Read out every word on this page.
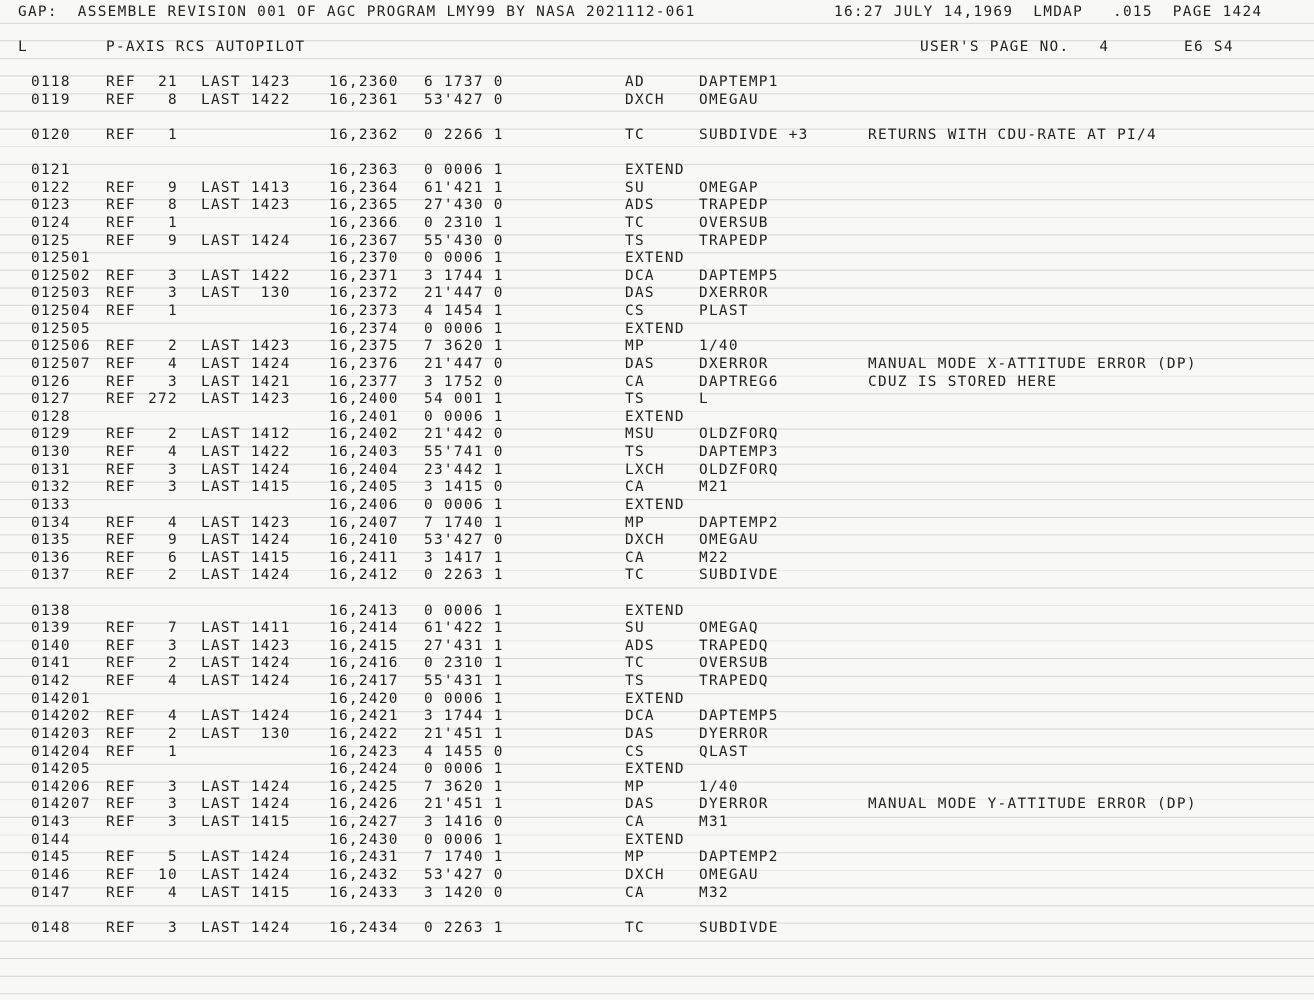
GAP:  ASSEMBLE REVISION 001 OF AGC PROGRAM LMY99 BY NASA 2021112-061	16:27 JULY 14,1969  LMDAP   .015  PAGE 1424
L	P-AXIS RCS AUTOPILOT	USER'S PAGE NO.   4	E6 S4
0118 REF 21 LAST 1423	16,2360 6 1737 0	AD	DAPTEMP1
0119 REF 8 LAST 1422	16,2361 53'427 0	DXCH OMEGAU
0120 REF 1	16,2362 0 2266 1	TC	SUBDIVDE +3	RETURNS WITH CDU-RATE AT PI/4
0121	16,2363 0 0006 1	EXTEND
0122 REF 9 LAST 1413	16,2364 61'421 1	SU	OMEGAP
0123 REF 8 LAST 1423	16,2365 27'430 0	ADS	TRAPEDP
0124 REF 1	16,2366 0 2310 1	TC	OVERSUB
0125 REF 9 LAST 1424	16,2367 55'430 0	TS	TRAPEDP
012501	16,2370 0 0006 1	EXTEND
012502 REF 3 LAST 1422	16,2371 3 1744 1	DCA	DAPTEMP5
012503 REF 3 LAST  130	16,2372 21'447 0	DAS	DXERROR
012504 REF 1	16,2373 4 1454 1	CS	PLAST
012505	16,2374 0 0006 1	EXTEND
012506 REF 2 LAST 1423	16,2375 7 3620 1	MP	1/40
012507 REF 4 LAST 1424	16,2376 21'447 0	DAS	DXERROR	MANUAL MODE X-ATTITUDE ERROR (DP)
0126 REF 3 LAST 1421	16,2377 3 1752 0	CA	DAPTREG6	CDUZ IS STORED HERE
0127 REF 272 LAST 1423	16,2400 54 001 1	TS	L
0128	16,2401 0 0006 1	EXTEND
0129 REF 2 LAST 1412	16,2402 21'442 0	MSU	OLDZFORQ
0130 REF 4 LAST 1422	16,2403 55'741 0	TS	DAPTEMP3
0131 REF 3 LAST 1424	16,2404 23'442 1	LXCH OLDZFORQ
0132 REF 3 LAST 1415	16,2405 3 1415 0	CA	M21
0133	16,2406 0 0006 1	EXTEND
0134 REF 4 LAST 1423	16,2407 7 1740 1	MP	DAPTEMP2
0135 REF 9 LAST 1424	16,2410 53'427 0	DXCH OMEGAU
0136 REF 6 LAST 1415	16,2411 3 1417 1	CA	M22
0137 REF 2 LAST 1424	16,2412 0 2263 1	TC	SUBDIVDE
0138	16,2413 0 0006 1	EXTEND
0139 REF 7 LAST 1411	16,2414 61'422 1	SU	OMEGAQ
0140 REF 3 LAST 1423	16,2415 27'431 1	ADS	TRAPEDQ
0141 REF 2 LAST 1424	16,2416 0 2310 1	TC	OVERSUB
0142 REF 4 LAST 1424	16,2417 55'431 1	TS	TRAPEDQ
014201	16,2420 0 0006 1	EXTEND
014202 REF 4 LAST 1424	16,2421 3 1744 1	DCA	DAPTEMP5
014203 REF 2 LAST  130	16,2422 21'451 1	DAS	DYERROR
014204 REF 1	16,2423 4 1455 0	CS	QLAST
014205	16,2424 0 0006 1	EXTEND
014206 REF 3 LAST 1424	16,2425 7 3620 1	MP	1/40
014207 REF 3 LAST 1424	16,2426 21'451 1	DAS	DYERROR	MANUAL MODE Y-ATTITUDE ERROR (DP)
0143 REF 3 LAST 1415	16,2427 3 1416 0	CA	M31
0144	16,2430 0 0006 1	EXTEND
0145 REF 5 LAST 1424	16,2431 7 1740 1	MP	DAPTEMP2
0146 REF 10 LAST 1424	16,2432 53'427 0	DXCH OMEGAU
0147 REF 4 LAST 1415	16,2433 3 1420 0	CA	M32
0148 REF 3 LAST 1424	16,2434 0 2263 1	TC	SUBDIVDE
